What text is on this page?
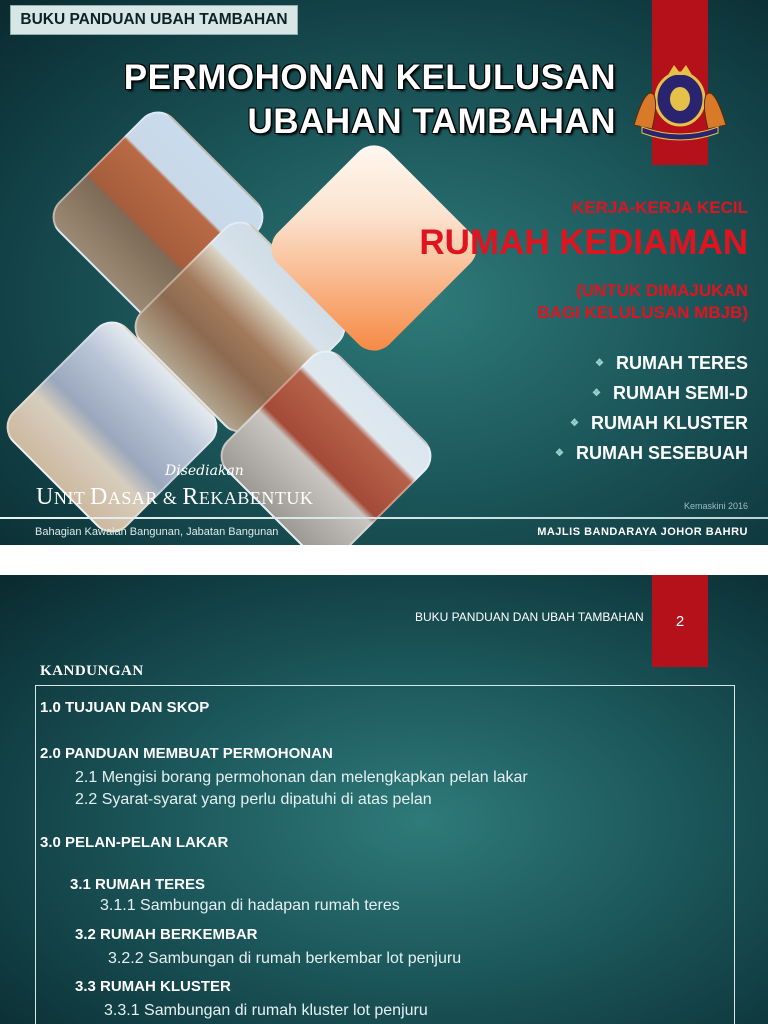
BUKU PANDUAN UBAH TAMBAHAN
PERMOHONAN KELULUSAN
UBAHAN TAMBAHAN
KERJA-KERJA KECIL
RUMAH KEDIAMAN
(UNTUK DIMAJUKAN
BAGI KELULUSAN MBJB)
❖ RUMAH TERES
❖ RUMAH SEMI-D
❖ RUMAH KLUSTER
❖ RUMAH SESEBUAH
Disediakan
UNIT DASAR & REKABENTUK	Kemaskini 2016
Bahagian Kawalan Bangunan, Jabatan Bangunan	MAJLIS BANDARAYA JOHOR BAHRU
BUKU PANDUAN DAN UBAH TAMBAHAN	2
KANDUNGAN
1.0 TUJUAN DAN SKOP
2.0 PANDUAN MEMBUAT PERMOHONAN
2.1 Mengisi borang permohonan dan melengkapkan pelan lakar
2.2 Syarat-syarat yang perlu dipatuhi di atas pelan
3.0 PELAN-PELAN LAKAR
3.1 RUMAH TERES
3.1.1 Sambungan di hadapan rumah teres
3.2 RUMAH BERKEMBAR
3.2.2 Sambungan di rumah berkembar lot penjuru
3.3 RUMAH KLUSTER
3.3.1 Sambungan di rumah kluster lot penjuru
